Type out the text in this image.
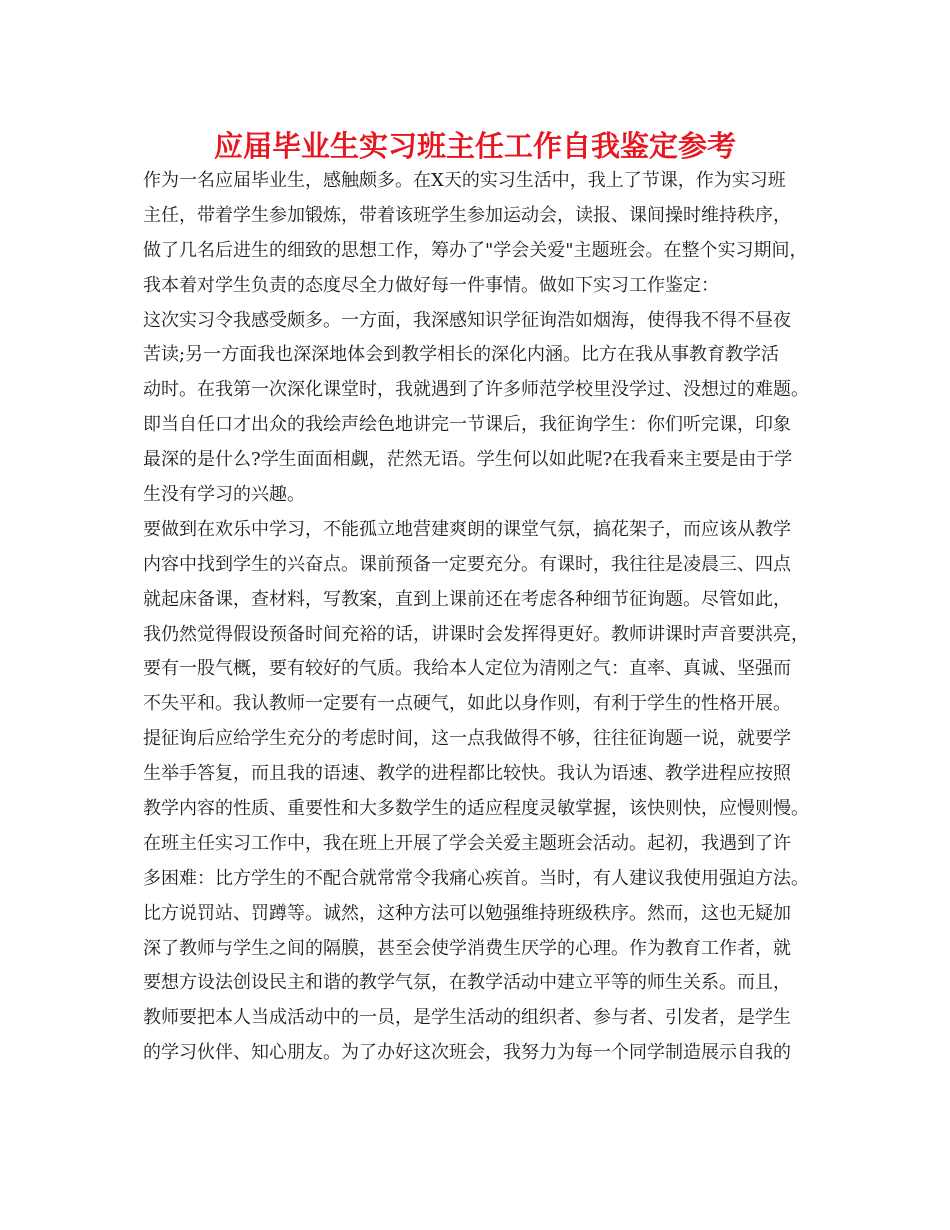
应届毕业生实习班主任工作自我鉴定参考
作为一名应届毕业生，感触颇多。在X天的实习生活中，我上了节课，作为实习班
主任，带着学生参加锻炼，带着该班学生参加运动会，读报、课间操时维持秩序，
做了几名后进生的细致的思想工作，筹办了"学会关爱"主题班会。在整个实习期间，
我本着对学生负责的态度尽全力做好每一件事情。做如下实习工作鉴定：
这次实习令我感受颇多。一方面，我深感知识学征询浩如烟海，使得我不得不昼夜
苦读;另一方面我也深深地体会到教学相长的深化内涵。比方在我从事教育教学活
动时。在我第一次深化课堂时，我就遇到了许多师范学校里没学过、没想过的难题。
即当自任口才出众的我绘声绘色地讲完一节课后，我征询学生：你们听完课，印象
最深的是什么?学生面面相觑，茫然无语。学生何以如此呢?在我看来主要是由于学
生没有学习的兴趣。
要做到在欢乐中学习，不能孤立地营建爽朗的课堂气氛，搞花架子，而应该从教学
内容中找到学生的兴奋点。课前预备一定要充分。有课时，我往往是凌晨三、四点
就起床备课，查材料，写教案，直到上课前还在考虑各种细节征询题。尽管如此，
我仍然觉得假设预备时间充裕的话，讲课时会发挥得更好。教师讲课时声音要洪亮，
要有一股气概，要有较好的气质。我给本人定位为清刚之气：直率、真诚、坚强而
不失平和。我认教师一定要有一点硬气，如此以身作则，有利于学生的性格开展。
提征询后应给学生充分的考虑时间，这一点我做得不够，往往征询题一说，就要学
生举手答复，而且我的语速、教学的进程都比较快。我认为语速、教学进程应按照
教学内容的性质、重要性和大多数学生的适应程度灵敏掌握，该快则快，应慢则慢。
在班主任实习工作中，我在班上开展了学会关爱主题班会活动。起初，我遇到了许
多困难：比方学生的不配合就常常令我痛心疾首。当时，有人建议我使用强迫方法。
比方说罚站、罚蹲等。诚然，这种方法可以勉强维持班级秩序。然而，这也无疑加
深了教师与学生之间的隔膜，甚至会使学消费生厌学的心理。作为教育工作者，就
要想方设法创设民主和谐的教学气氛，在教学活动中建立平等的师生关系。而且，
教师要把本人当成活动中的一员，是学生活动的组织者、参与者、引发者，是学生
的学习伙伴、知心朋友。为了办好这次班会，我努力为每一个同学制造展示自我的
